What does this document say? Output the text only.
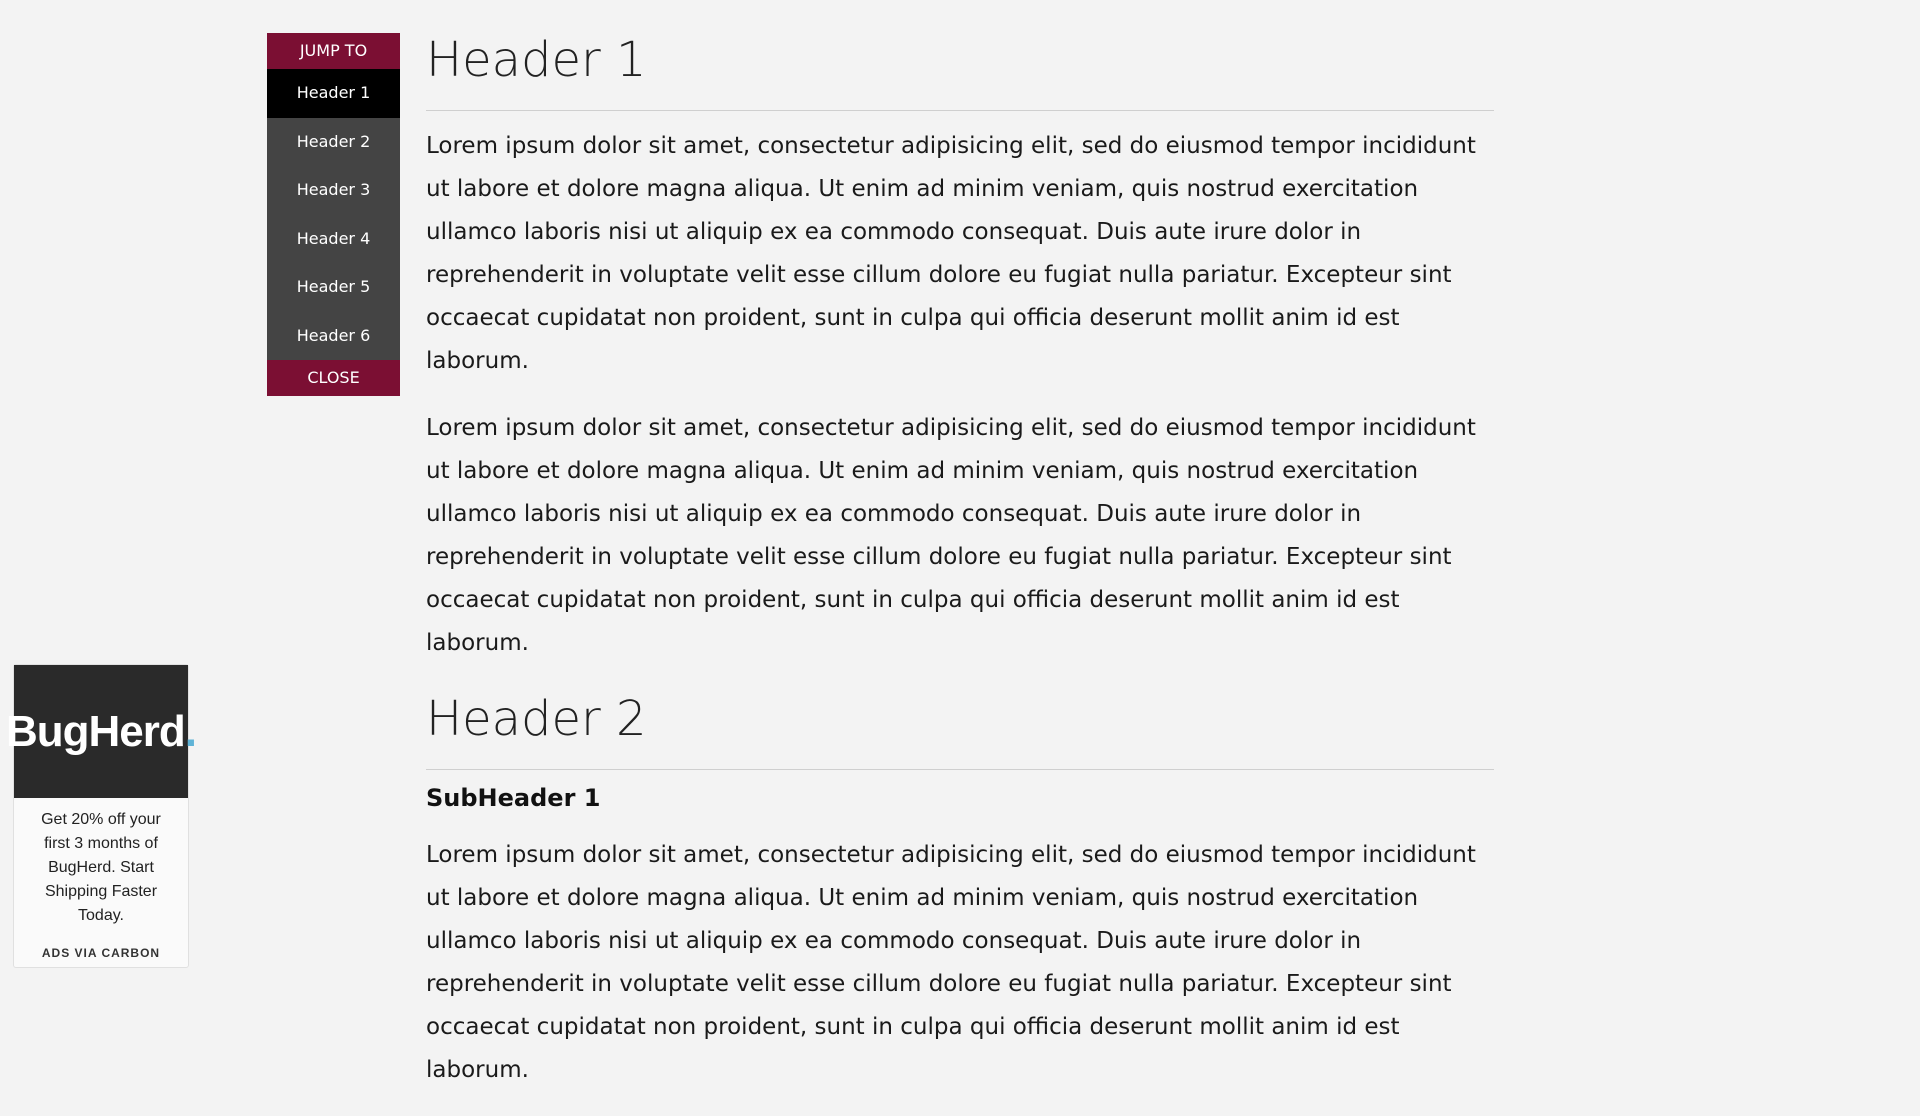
JUMP TO
Header 1
Header 2
Header 3
Header 4
Header 5
Header 6
CLOSE
Header 1

Lorem ipsum dolor sit amet, consectetur adipisicing elit, sed do eiusmod tempor incididunt ut labore et dolore magna aliqua. Ut enim ad minim veniam, quis nostrud exercitation ullamco laboris nisi ut aliquip ex ea commodo consequat. Duis aute irure dolor in reprehenderit in voluptate velit esse cillum dolore eu fugiat nulla pariatur. Excepteur sint occaecat cupidatat non proident, sunt in culpa qui officia deserunt mollit anim id est laborum.

Lorem ipsum dolor sit amet, consectetur adipisicing elit, sed do eiusmod tempor incididunt ut labore et dolore magna aliqua. Ut enim ad minim veniam, quis nostrud exercitation ullamco laboris nisi ut aliquip ex ea commodo consequat. Duis aute irure dolor in reprehenderit in voluptate velit esse cillum dolore eu fugiat nulla pariatur. Excepteur sint occaecat cupidatat non proident, sunt in culpa qui officia deserunt mollit anim id est laborum.

Header 2
SubHeader 1

Lorem ipsum dolor sit amet, consectetur adipisicing elit, sed do eiusmod tempor incididunt ut labore et dolore magna aliqua. Ut enim ad minim veniam, quis nostrud exercitation ullamco laboris nisi ut aliquip ex ea commodo consequat. Duis aute irure dolor in reprehenderit in voluptate velit esse cillum dolore eu fugiat nulla pariatur. Excepteur sint occaecat cupidatat non proident, sunt in culpa qui officia deserunt mollit anim id est laborum.

BugHerd .
Get 20% off your first 3 months of BugHerd. Start Shipping Faster Today.
ADS VIA CARBON
